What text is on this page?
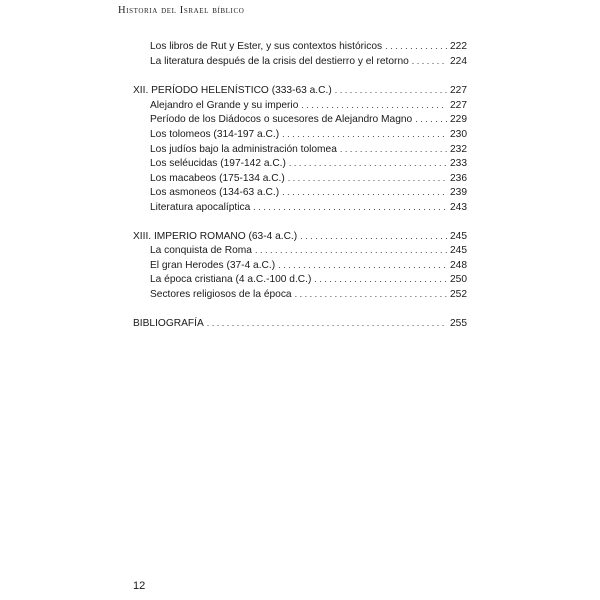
Historia del Israel bíblico
Los libros de Rut y Ester, y sus contextos históricos . . .	222
La literatura después de la crisis del destierro y el retorno . . .	224
XII. PERÍODO HELENÍSTICO (333-63 a.C.) . . .	227
Alejandro el Grande y su imperio . . .	227
Período de los Diádocos o sucesores de Alejandro Magno . . .	229
Los tolomeos (314-197 a.C.) . . .	230
Los judíos bajo la administración tolomea . . .	232
Los seléucidas (197-142 a.C.) . . .	233
Los macabeos (175-134 a.C.) . . .	236
Los asmoneos (134-63 a.C.) . . .	239
Literatura apocalíptica . . .	243
XIII. IMPERIO ROMANO (63-4 a.C.) . . .	245
La conquista de Roma . . .	245
El gran Herodes (37-4 a.C.) . . .	248
La época cristiana (4 a.C.-100 d.C.) . . .	250
Sectores religiosos de la época . . .	252
BIBLIOGRAFÍA . . .	255
12
